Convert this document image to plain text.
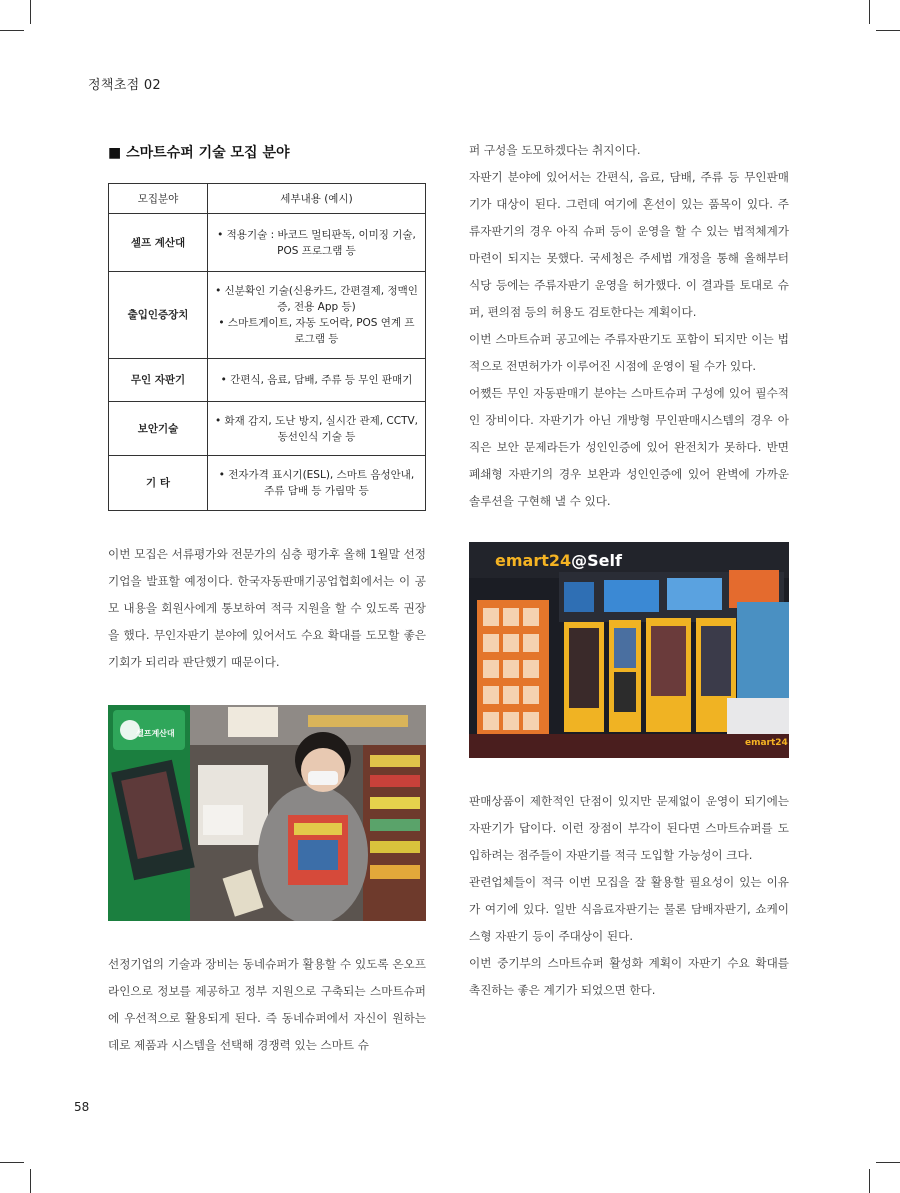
정책초점 02
■ 스마트슈퍼 기술 모집 분야
모집분야	세부내용 (예시)
셀프 계산대	• 적용기술 : 바코드 멀티판독, 이미징 기술, POS 프로그램 등
출입인증장치	• 신분확인 기술(신용카드, 간편결제, 정맥인증, 전용 App 등)
• 스마트게이트, 자동 도어락, POS 연계 프로그램 등

무인 자판기	• 간편식, 음료, 담배, 주류 등 무인 판매기
보안기술	• 화재 감지, 도난 방지, 실시간 관제, CCTV, 동선인식 기술 등
기 타	• 전자가격 표시기(ESL), 스마트 음성안내, 주류 담배 등 가림막 등

이번 모집은 서류평가와 전문가의 심층 평가후 올해 1월말 선정기업을 발표할 예정이다. 한국자동판매기공업협회에서는 이 공모 내용을 회원사에게 통보하여 적극 지원을 할 수 있도록 권장을 했다. 무인자판기 분야에 있어서도 수요 확대를 도모할 좋은 기회가 되리라 판단했기 때문이다.

셀프계산대

선정기업의 기술과 장비는 동네슈퍼가 활용할 수 있도록 온오프라인으로 정보를 제공하고 정부 지원으로 구축되는 스마트슈퍼에 우선적으로 활용되게 된다. 즉 동네슈퍼에서 자신이 원하는 데로 제품과 시스템을 선택해 경쟁력 있는 스마트 슈

퍼 구성을 도모하겠다는 취지이다.

자판기 분야에 있어서는 간편식, 음료, 담배, 주류 등 무인판매기가 대상이 된다. 그런데 여기에 혼선이 있는 품목이 있다. 주류자판기의 경우 아직 슈퍼 등이 운영을 할 수 있는 법적체계가 마련이 되지는 못했다. 국세청은 주세법 개정을 통해 올해부터 식당 등에는 주류자판기 운영을 허가했다. 이 결과를 토대로 슈퍼, 편의점 등의 허용도 검토한다는 계획이다.

이번 스마트슈퍼 공고에는 주류자판기도 포함이 되지만 이는 법적으로 전면허가가 이루어진 시점에 운영이 될 수가 있다.

어쨌든 무인 자동판매기 분야는 스마트슈퍼 구성에 있어 필수적인 장비이다. 자판기가 아닌 개방형 무인판매시스템의 경우 아직은 보안 문제라든가 성인인증에 있어 완전치가 못하다. 반면 폐쇄형 자판기의 경우 보완과 성인인증에 있어 완벽에 가까운 솔루션을 구현해 낼 수 있다.

emart24@Self
emart24

판매상품이 제한적인 단점이 있지만 문제없이 운영이 되기에는 자판기가 답이다. 이런 장점이 부각이 된다면 스마트슈퍼를 도입하려는 점주들이 자판기를 적극 도입할 가능성이 크다.

관련업체들이 적극 이번 모집을 잘 활용할 필요성이 있는 이유가 여기에 있다. 일반 식음료자판기는 물론 담배자판기, 쇼케이스형 자판기 등이 주대상이 된다.

이번 중기부의 스마트슈퍼 활성화 계획이 자판기 수요 확대를 촉진하는 좋은 계기가 되었으면 한다.

58
